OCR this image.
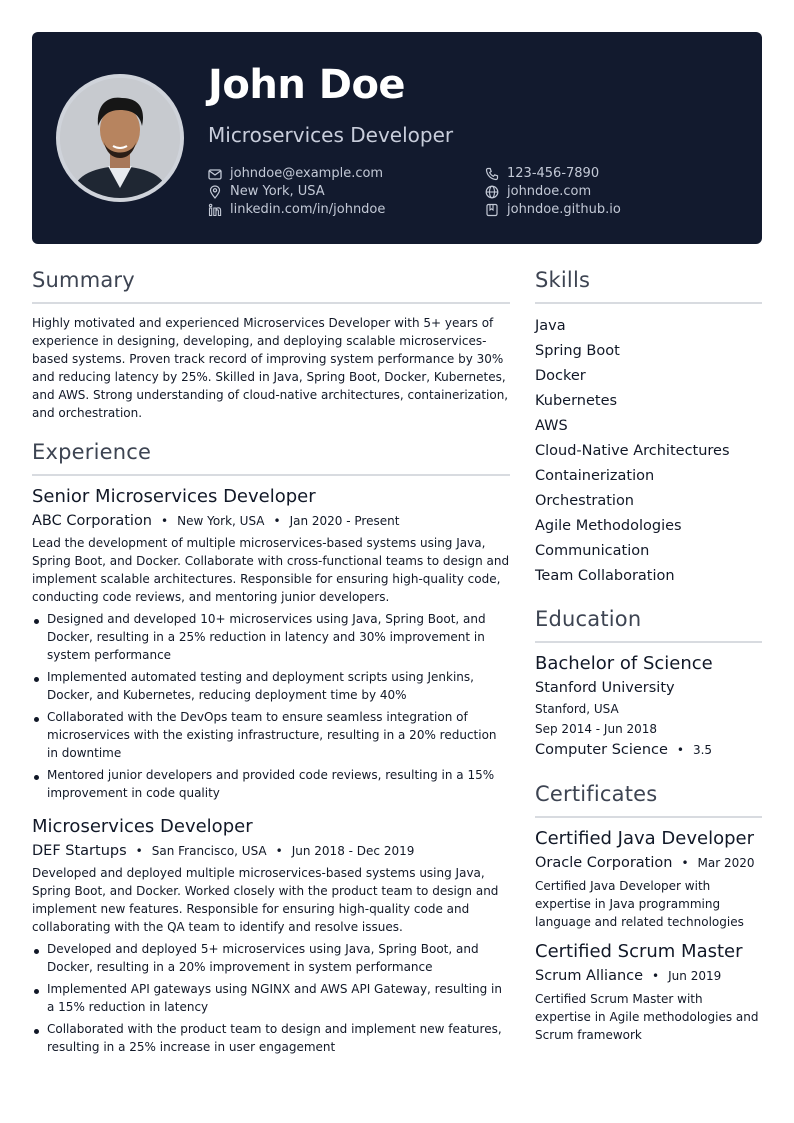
John Doe
Microservices Developer
johndoe@example.com	123-456-7890
New York, USA	johndoe.com
linkedin.com/in/johndoe	johndoe.github.io
Summary
Highly motivated and experienced Microservices Developer with 5+ years of experience in designing, developing, and deploying scalable microservices-based systems. Proven track record of improving system performance by 30% and reducing latency by 25%. Skilled in Java, Spring Boot, Docker, Kubernetes, and AWS. Strong understanding of cloud-native architectures, containerization, and orchestration.
Experience
Senior Microservices Developer
ABC Corporation • New York, USA • Jan 2020 - Present
Lead the development of multiple microservices-based systems using Java, Spring Boot, and Docker. Collaborate with cross-functional teams to design and implement scalable architectures. Responsible for ensuring high-quality code, conducting code reviews, and mentoring junior developers.
Designed and developed 10+ microservices using Java, Spring Boot, and Docker, resulting in a 25% reduction in latency and 30% improvement in system performance
Implemented automated testing and deployment scripts using Jenkins, Docker, and Kubernetes, reducing deployment time by 40%
Collaborated with the DevOps team to ensure seamless integration of microservices with the existing infrastructure, resulting in a 20% reduction in downtime
Mentored junior developers and provided code reviews, resulting in a 15% improvement in code quality
Microservices Developer
DEF Startups • San Francisco, USA • Jun 2018 - Dec 2019
Developed and deployed multiple microservices-based systems using Java, Spring Boot, and Docker. Worked closely with the product team to design and implement new features. Responsible for ensuring high-quality code and collaborating with the QA team to identify and resolve issues.
Developed and deployed 5+ microservices using Java, Spring Boot, and Docker, resulting in a 20% improvement in system performance
Implemented API gateways using NGINX and AWS API Gateway, resulting in a 15% reduction in latency
Collaborated with the product team to design and implement new features, resulting in a 25% increase in user engagement
Skills
Java
Spring Boot
Docker
Kubernetes
AWS
Cloud-Native Architectures
Containerization
Orchestration
Agile Methodologies
Communication
Team Collaboration
Education
Bachelor of Science
Stanford University
Stanford, USA
Sep 2014 - Jun 2018
Computer Science • 3.5
Certificates
Certified Java Developer
Oracle Corporation • Mar 2020
Certified Java Developer with expertise in Java programming language and related technologies
Certified Scrum Master
Scrum Alliance • Jun 2019
Certified Scrum Master with expertise in Agile methodologies and Scrum framework
